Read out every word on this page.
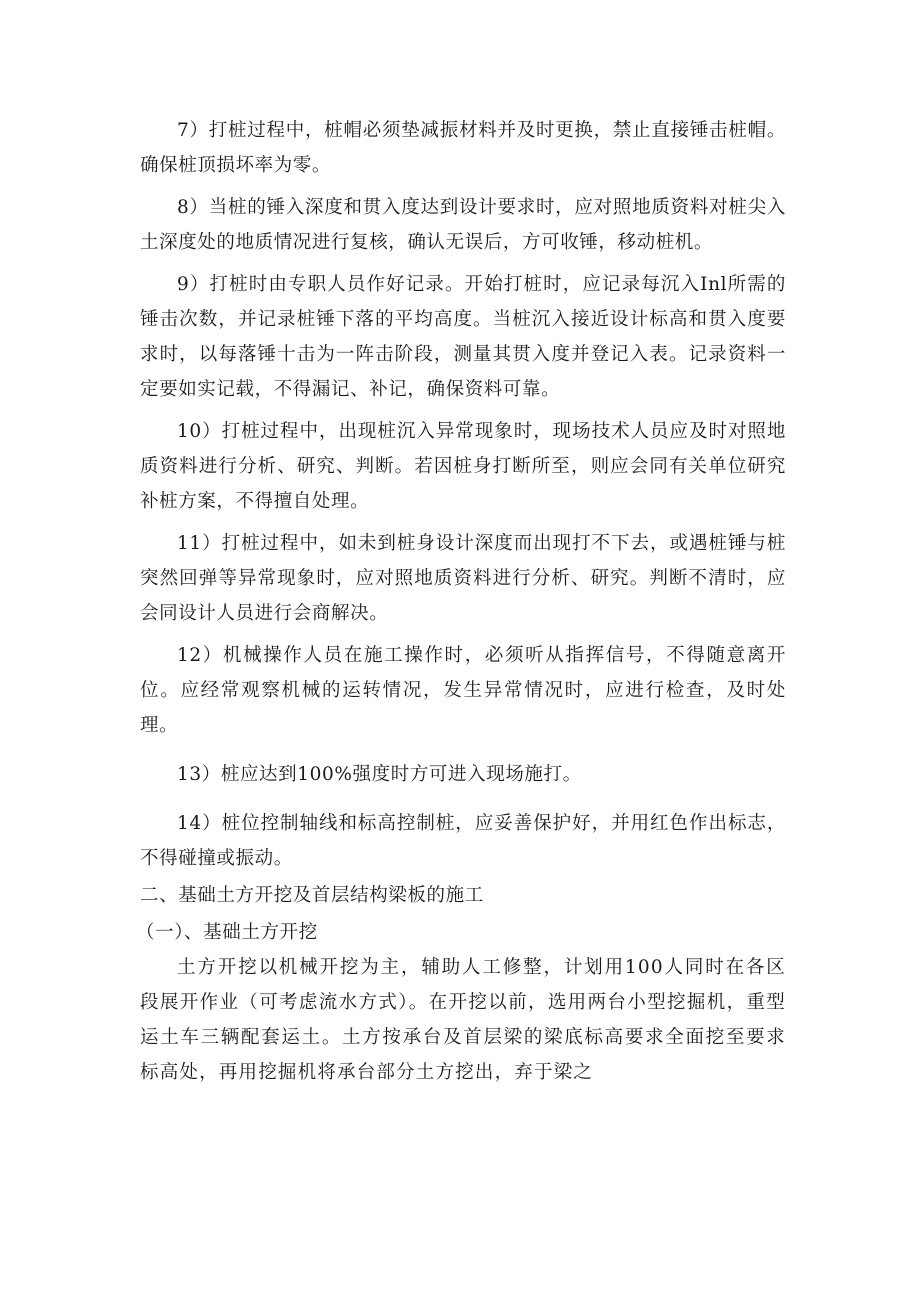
7）打桩过程中，桩帽必须垫减振材料并及时更换，禁止直接锤击桩帽。确保桩顶损坏率为零。

8）当桩的锤入深度和贯入度达到设计要求时，应对照地质资料对桩尖入土深度处的地质情况进行复核，确认无误后，方可收锤，移动桩机。

9）打桩时由专职人员作好记录。开始打桩时，应记录每沉入Inl所需的锤击次数，并记录桩锤下落的平均高度。当桩沉入接近设计标高和贯入度要求时，以每落锤十击为一阵击阶段，测量其贯入度并登记入表。记录资料一定要如实记载，不得漏记、补记，确保资料可靠。

10）打桩过程中，出现桩沉入异常现象时，现场技术人员应及时对照地质资料进行分析、研究、判断。若因桩身打断所至，则应会同有关单位研究补桩方案，不得擅自处理。

11）打桩过程中，如未到桩身设计深度而出现打不下去，或遇桩锤与桩突然回弹等异常现象时，应对照地质资料进行分析、研究。判断不清时，应会同设计人员进行会商解决。

12）机械操作人员在施工操作时，必须听从指挥信号，不得随意离开位。应经常观察机械的运转情况，发生异常情况时，应进行检查，及时处理。

13）桩应达到100%强度时方可进入现场施打。

14）桩位控制轴线和标高控制桩，应妥善保护好，并用红色作出标志，不得碰撞或振动。

二、基础土方开挖及首层结构梁板的施工

（一）、基础土方开挖

土方开挖以机械开挖为主，辅助人工修整，计划用100人同时在各区段展开作业（可考虑流水方式）。在开挖以前，选用两台小型挖掘机，重型运土车三辆配套运土。土方按承台及首层梁的梁底标高要求全面挖至要求标高处，再用挖掘机将承台部分土方挖出，弃于梁之
